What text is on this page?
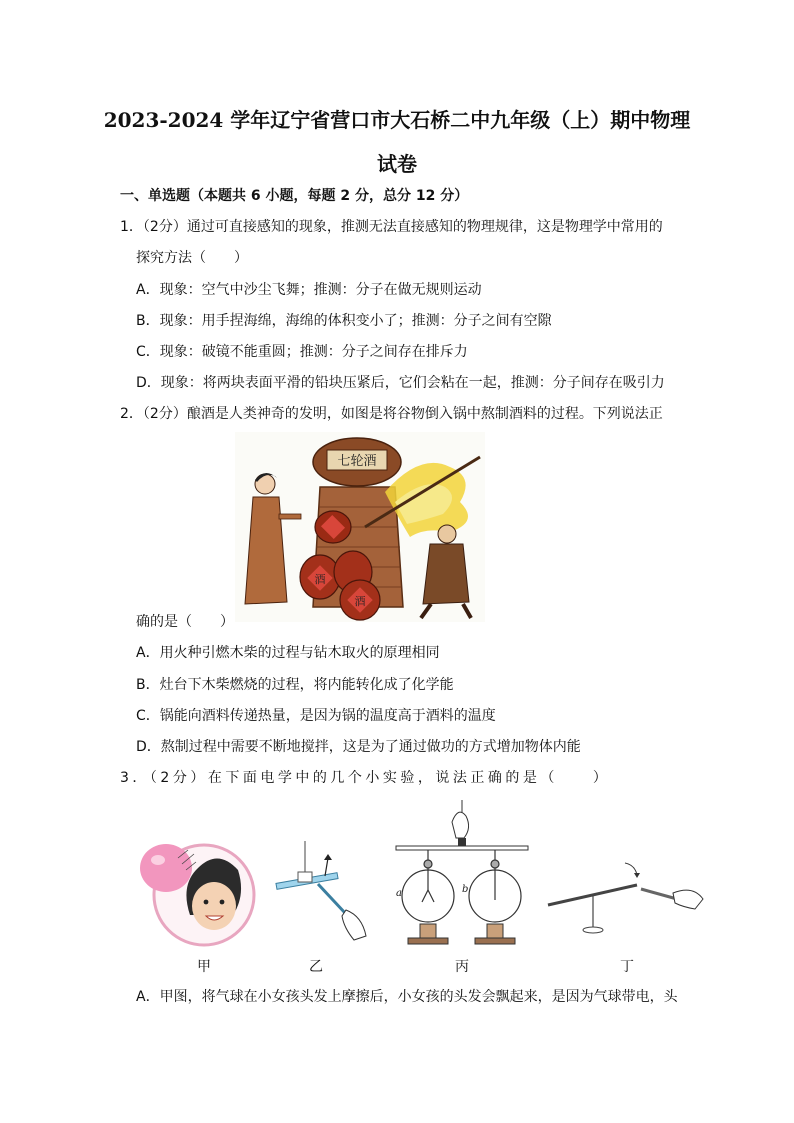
2023-2024 学年辽宁省营口市大石桥二中九年级（上）期中物理
试卷
一、单选题（本题共 6 小题，每题 2 分，总分 12 分）
1．（2分）通过可直接感知的现象，推测无法直接感知的物理规律，这是物理学中常用的
探究方法（　　）
A．现象：空气中沙尘飞舞；推测：分子在做无规则运动
B．现象：用手捏海绵，海绵的体积变小了；推测：分子之间有空隙
C．现象：破镜不能重圆；推测：分子之间存在排斥力
D．现象：将两块表面平滑的铅块压紧后，它们会粘在一起，推测：分子间存在吸引力
2．（2分）酿酒是人类神奇的发明，如图是将谷物倒入锅中熬制酒料的过程。下列说法正
七轮酒
酒
酒
确的是（　　）
A．用火种引燃木柴的过程与钻木取火的原理相同
B．灶台下木柴燃烧的过程，将内能转化成了化学能
C．锅能向酒料传递热量，是因为锅的温度高于酒料的温度
D．熬制过程中需要不断地搅拌，这是为了通过做功的方式增加物体内能
3．（2分）在下面电学中的几个小实验，说法正确的是（　　）
a	b
甲	乙	丙	丁
A．甲图，将气球在小女孩头发上摩擦后，小女孩的头发会飘起来，是因为气球带电，头
